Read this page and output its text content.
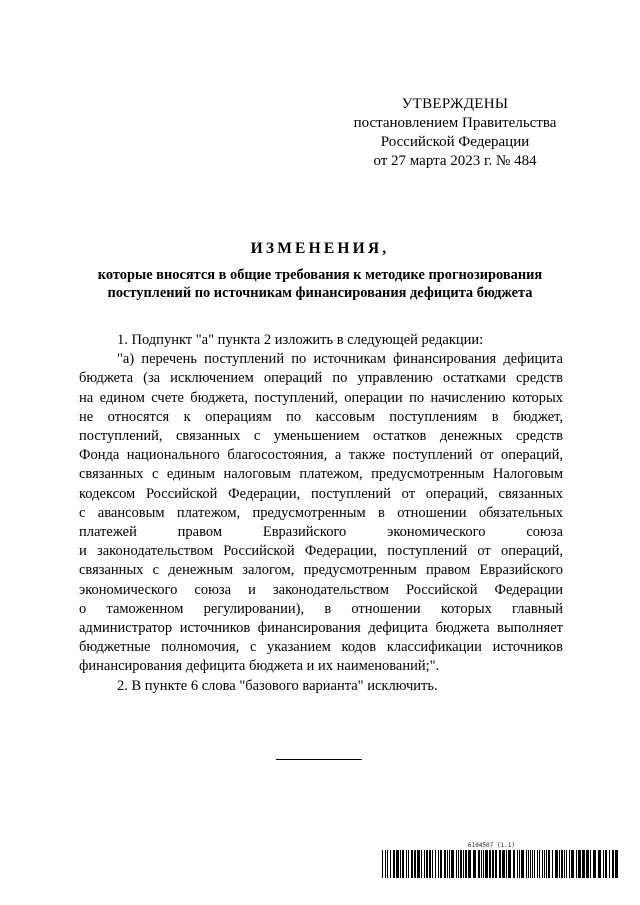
УТВЕРЖДЕНЫ
постановлением Правительства
Российской Федерации
от 27 марта 2023 г. № 484
ИЗМЕНЕНИЯ,
которые вносятся в общие требования к методике прогнозирования
поступлений по источникам финансирования дефицита бюджета
1. Подпункт "а" пункта 2 изложить в следующей редакции:
"а) перечень поступлений по источникам финансирования дефицита
бюджета (за исключением операций по управлению остатками средств
на едином счете бюджета, поступлений, операции по начислению которых
не относятся к операциям по кассовым поступлениям в бюджет,
поступлений, связанных с уменьшением остатков денежных средств
Фонда национального благосостояния, а также поступлений от операций,
связанных с единым налоговым платежом, предусмотренным Налоговым
кодексом Российской Федерации, поступлений от операций, связанных
с авансовым платежом, предусмотренным в отношении обязательных
платежей правом Евразийского экономического союза
и законодательством Российской Федерации, поступлений от операций,
связанных с денежным залогом, предусмотренным правом Евразийского
экономического союза и законодательством Российской Федерации
о таможенном регулировании), в отношении которых главный
администратор источников финансирования дефицита бюджета выполняет
бюджетные полномочия, с указанием кодов классификации источников
финансирования дефицита бюджета и их наименований;".
2. В пункте 6 слова "базового варианта" исключить.
6104507 (1.1)
